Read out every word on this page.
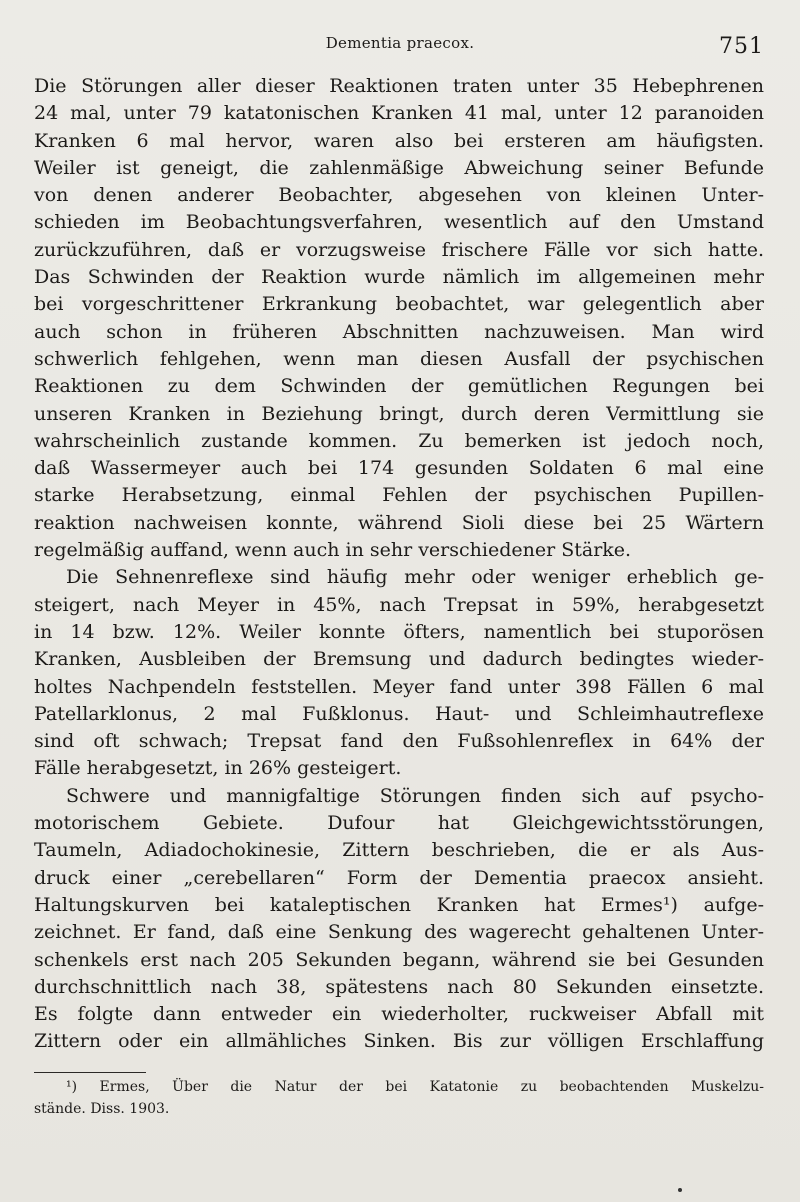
Dementia praecox.	751
Die Störungen aller dieser Reaktionen traten unter 35 Hebephrenen
24 mal, unter 79 katatonischen Kranken 41 mal, unter 12 paranoiden
Kranken 6 mal hervor, waren also bei ersteren am häufigsten.
Weiler ist geneigt, die zahlenmäßige Abweichung seiner Befunde
von denen anderer Beobachter, abgesehen von kleinen Unter-
schieden im Beobachtungsverfahren, wesentlich auf den Umstand
zurückzuführen, daß er vorzugsweise frischere Fälle vor sich hatte.
Das Schwinden der Reaktion wurde nämlich im allgemeinen mehr
bei vorgeschrittener Erkrankung beobachtet, war gelegentlich aber
auch schon in früheren Abschnitten nachzuweisen. Man wird
schwerlich fehlgehen, wenn man diesen Ausfall der psychischen
Reaktionen zu dem Schwinden der gemütlichen Regungen bei
unseren Kranken in Beziehung bringt, durch deren Vermittlung sie
wahrscheinlich zustande kommen. Zu bemerken ist jedoch noch,
daß Wassermeyer auch bei 174 gesunden Soldaten 6 mal eine
starke Herabsetzung, einmal Fehlen der psychischen Pupillen-
reaktion nachweisen konnte, während Sioli diese bei 25 Wärtern
regelmäßig auffand, wenn auch in sehr verschiedener Stärke.
Die Sehnenreflexe sind häufig mehr oder weniger erheblich ge-
steigert, nach Meyer in 45%, nach Trepsat in 59%, herabgesetzt
in 14 bzw. 12%. Weiler konnte öfters, namentlich bei stuporösen
Kranken, Ausbleiben der Bremsung und dadurch bedingtes wieder-
holtes Nachpendeln feststellen. Meyer fand unter 398 Fällen 6 mal
Patellarklonus, 2 mal Fußklonus. Haut- und Schleimhautreflexe
sind oft schwach; Trepsat fand den Fußsohlenreflex in 64% der
Fälle herabgesetzt, in 26% gesteigert.
Schwere und mannigfaltige Störungen finden sich auf psycho-
motorischem Gebiete. Dufour hat Gleichgewichtsstörungen,
Taumeln, Adiadochokinesie, Zittern beschrieben, die er als Aus-
druck einer „cerebellaren“ Form der Dementia praecox ansieht.
Haltungskurven bei kataleptischen Kranken hat Ermes¹) aufge-
zeichnet. Er fand, daß eine Senkung des wagerecht gehaltenen Unter-
schenkels erst nach 205 Sekunden begann, während sie bei Gesunden
durchschnittlich nach 38, spätestens nach 80 Sekunden einsetzte.
Es folgte dann entweder ein wiederholter, ruckweiser Abfall mit
Zittern oder ein allmähliches Sinken. Bis zur völligen Erschlaffung
¹) Ermes, Über die Natur der bei Katatonie zu beobachtenden Muskelzu-
stände. Diss. 1903.
